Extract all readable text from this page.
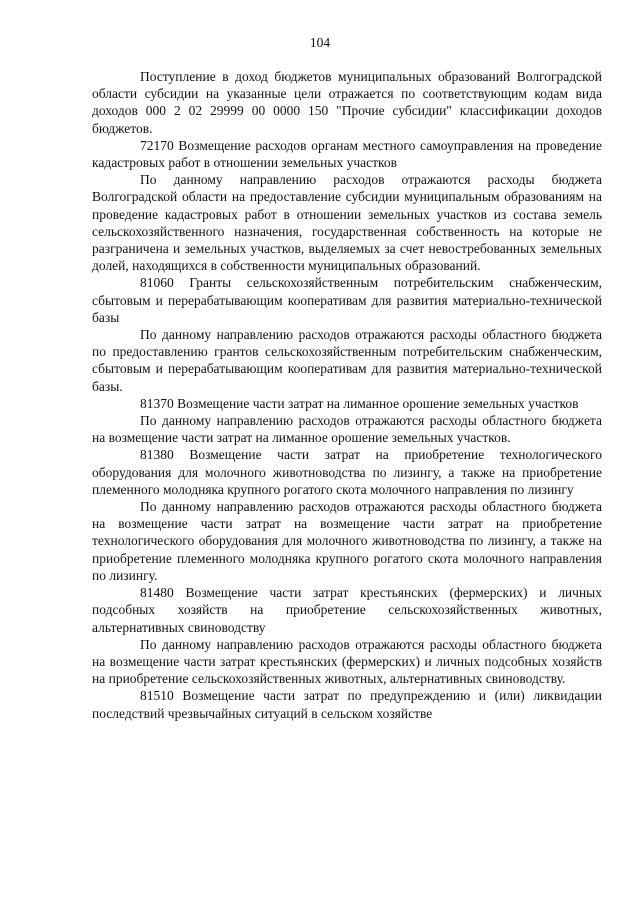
104

Поступление в доход бюджетов муниципальных образований Волгоградской области субсидии на указанные цели отражается по соответствующим кодам вида доходов 000 2 02 29999 00 0000 150 "Прочие субсидии" классификации доходов бюджетов.

72170 Возмещение расходов органам местного самоуправления на проведение кадастровых работ в отношении земельных участков

По данному направлению расходов отражаются расходы бюджета Волгоградской области на предоставление субсидии муниципальным образованиям на проведение кадастровых работ в отношении земельных участков из состава земель сельскохозяйственного назначения, государственная собственность на которые не разграничена и земельных участков, выделяемых за счет невостребованных земельных долей, находящихся в собственности муниципальных образований.

81060 Гранты сельскохозяйственным потребительским снабженческим, сбытовым и перерабатывающим кооперативам для развития материально-технической базы

По данному направлению расходов отражаются расходы областного бюджета по предоставлению грантов сельскохозяйственным потребительским снабженческим, сбытовым и перерабатывающим кооперативам для развития материально-технической базы.

81370 Возмещение части затрат на лиманное орошение земельных участков

По данному направлению расходов отражаются расходы областного бюджета на возмещение части затрат на лиманное орошение земельных участков.

81380 Возмещение части затрат на приобретение технологического оборудования для молочного животноводства по лизингу, а также на приобретение племенного молодняка крупного рогатого скота молочного направления по лизингу

По данному направлению расходов отражаются расходы областного бюджета на возмещение части затрат на возмещение части затрат на приобретение технологического оборудования для молочного животноводства по лизингу, а также на приобретение племенного молодняка крупного рогатого скота молочного направления по лизингу.

81480 Возмещение части затрат крестьянских (фермерских) и личных подсобных хозяйств на приобретение сельскохозяйственных животных, альтернативных свиноводству

По данному направлению расходов отражаются расходы областного бюджета на возмещение части затрат крестьянских (фермерских) и личных подсобных хозяйств на приобретение сельскохозяйственных животных, альтернативных свиноводству.

81510 Возмещение части затрат по предупреждению и (или) ликвидации последствий чрезвычайных ситуаций в сельском хозяйстве
